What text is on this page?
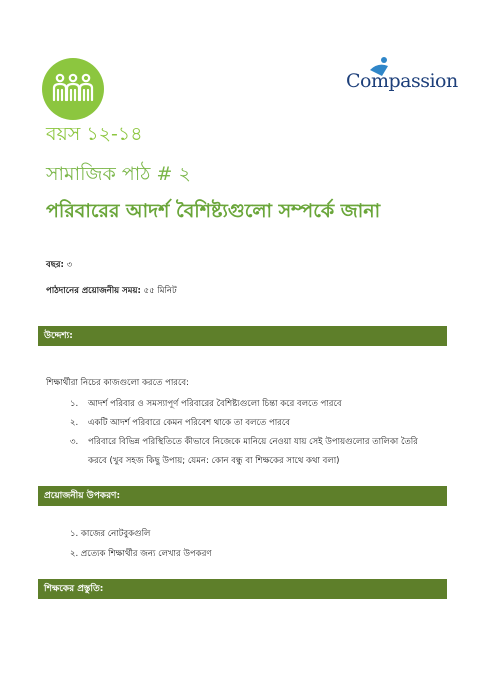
Compassion
বয়স ১২-১৪
সামাজিক পাঠ # ২
পরিবারের আদর্শ বৈশিষ্ট্যগুলো সম্পর্কে জানা
বছর: ৩
পাঠদানের প্রয়োজনীয় সময়: ৫৫ মিনিট
উদ্দেশ্য:
শিক্ষার্থীরা নিচের কাজগুলো করতে পারবে:
১. আদর্শ পরিবার ও সমস্যাপূর্ণ পরিবারের বৈশিষ্ট্যগুলো চিন্তা করে বলতে পারবে
২. একটি আদর্শ পরিবারে কেমন পরিবেশ থাকে তা বলতে পারবে
৩. পরিবারে বিভিন্ন পরিস্থিতিতে কীভাবে নিজেকে মানিয়ে নেওয়া যায় সেই উপায়গুলোর তালিকা তৈরি করবে (খুব সহজ কিছু উপায়; যেমন: কোন বন্ধু বা শিক্ষকের সাথে কথা বলা)
প্রয়োজনীয় উপকরণ:
১. কাজের নোটবুকগুলি
২. প্রত্যেক শিক্ষার্থীর জন্য লেখার উপকরণ
শিক্ষকের প্রস্তুতি:
